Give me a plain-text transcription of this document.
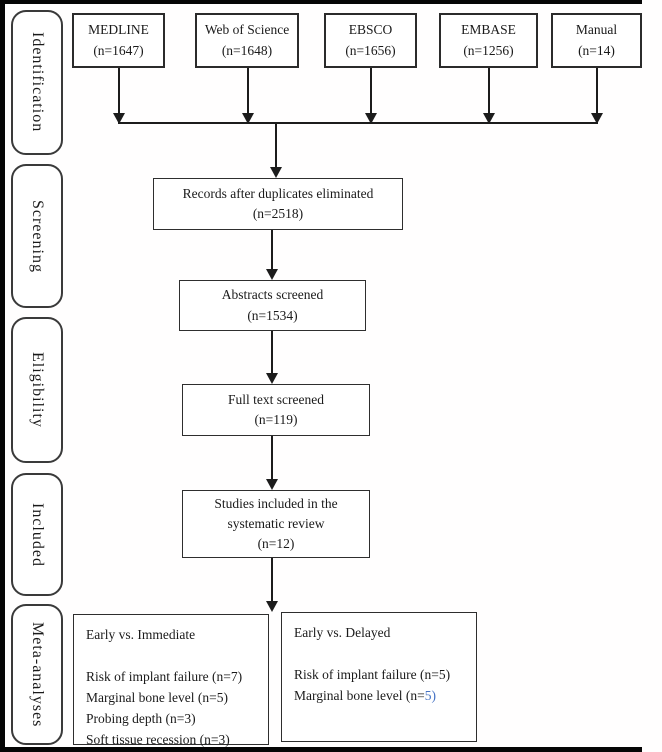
Identification
Screening
Eligibility
Included
Meta-analyses
MEDLINE
(n=1647)
Web of Science
(n=1648)
EBSCO
(n=1656)
EMBASE
(n=1256)
Manual
(n=14)
Records after duplicates eliminated
(n=2518)
Abstracts screened
(n=1534)
Full text screened
(n=119)
Studies included in the
systematic review
(n=12)
Early vs. Immediate
Risk of implant failure (n=7)
Marginal bone level (n=5)
Probing depth (n=3)
Soft tissue recession (n=3)
Early vs. Delayed
Risk of implant failure (n=5)
Marginal bone level (n=5)
